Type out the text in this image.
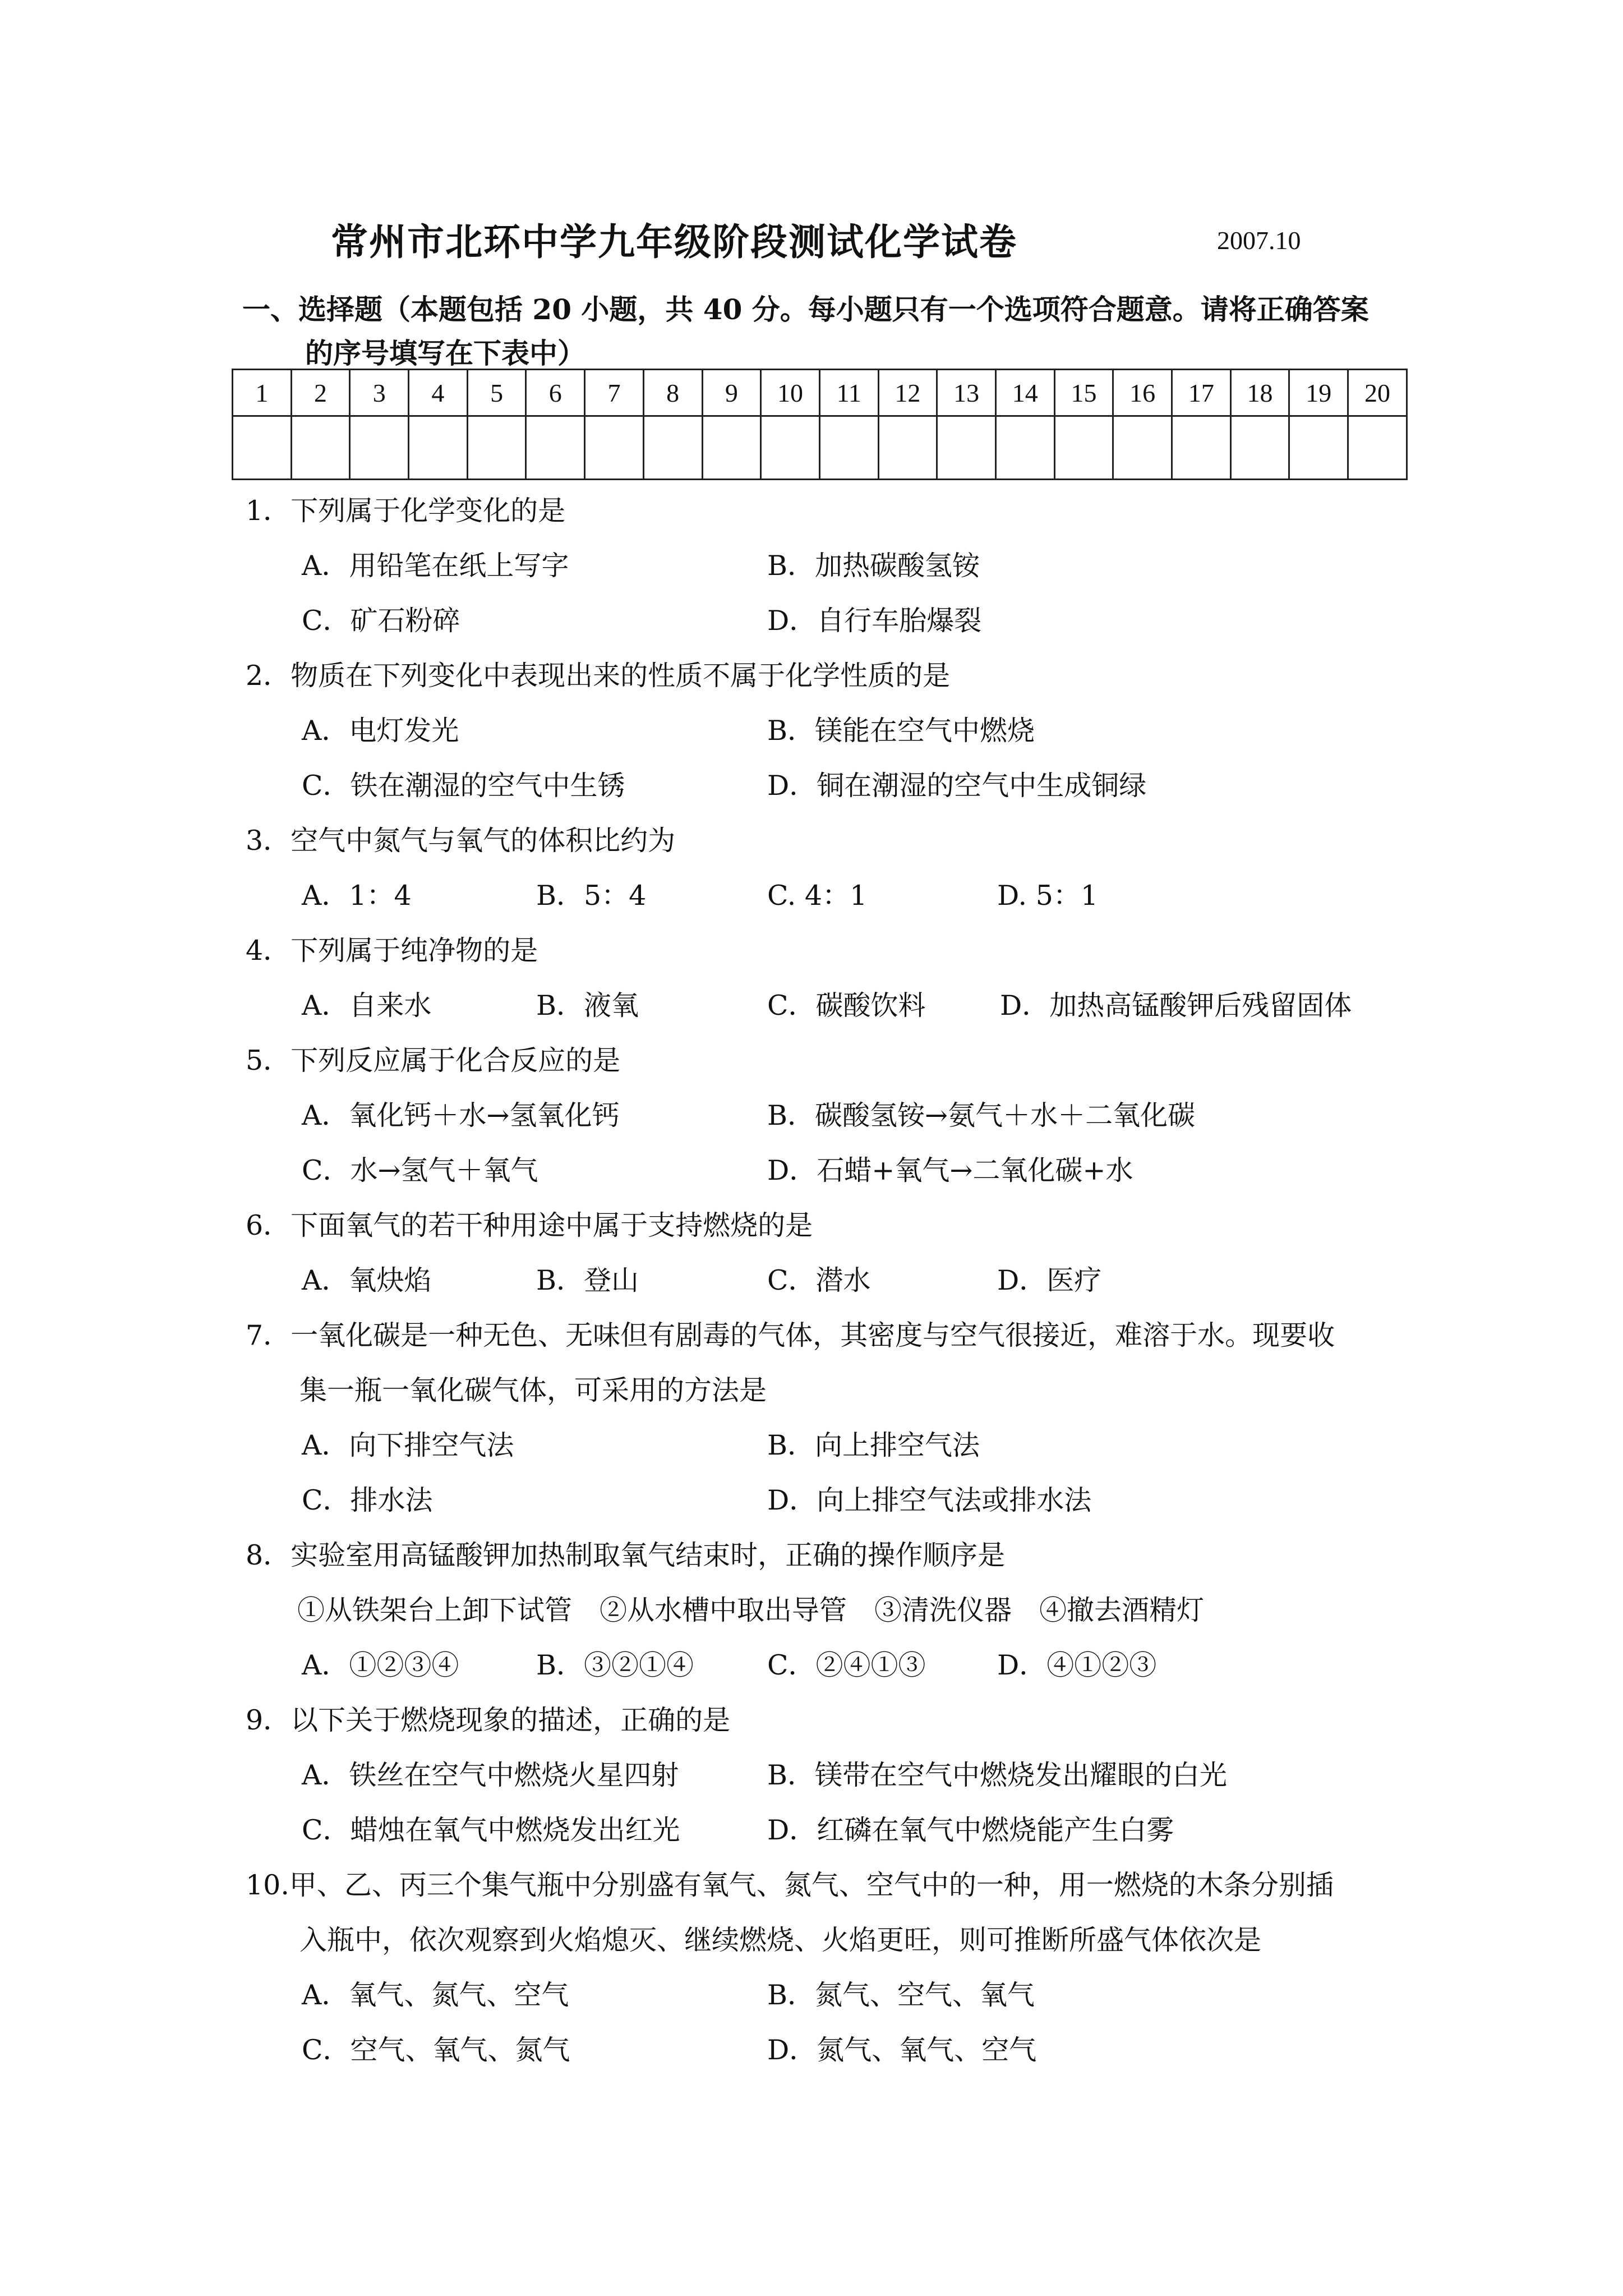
常州市北环中学九年级阶段测试化学试卷	2007.10
一、选择题（本题包括 20 小题，共 40 分。每小题只有一个选项符合题意。请将正确答案
的序号填写在下表中）
1	2	3	4	5	6	7	8	9	10	11	12	13	14	15	16	17	18	19	20

1．下列属于化学变化的是
A．用铅笔在纸上写字	B．加热碳酸氢铵
C．矿石粉碎	D．自行车胎爆裂
2．物质在下列变化中表现出来的性质不属于化学性质的是
A．电灯发光	B．镁能在空气中燃烧
C．铁在潮湿的空气中生锈	D．铜在潮湿的空气中生成铜绿
3．空气中氮气与氧气的体积比约为
A．1：4	B．5：4	C. 4：1	D. 5：1
4．下列属于纯净物的是
A．自来水	B．液氧	C．碳酸饮料	D．加热高锰酸钾后残留固体
5．下列反应属于化合反应的是
A．氧化钙＋水→氢氧化钙	B．碳酸氢铵→氨气＋水＋二氧化碳
C．水→氢气＋氧气	D．石蜡+氧气→二氧化碳+水
6．下面氧气的若干种用途中属于支持燃烧的是
A．氧炔焰	B．登山	C．潜水	D．医疗
7．一氧化碳是一种无色、无味但有剧毒的气体，其密度与空气很接近，难溶于水。现要收
集一瓶一氧化碳气体，可采用的方法是
A．向下排空气法	B．向上排空气法
C．排水法	D．向上排空气法或排水法
8．实验室用高锰酸钾加热制取氧气结束时，正确的操作顺序是
①从铁架台上卸下试管　②从水槽中取出导管　③清洗仪器　④撤去酒精灯
A．①②③④	B．③②①④	C．②④①③	D．④①②③
9．以下关于燃烧现象的描述，正确的是
A．铁丝在空气中燃烧火星四射	B．镁带在空气中燃烧发出耀眼的白光
C．蜡烛在氧气中燃烧发出红光	D．红磷在氧气中燃烧能产生白雾
10.甲、乙、丙三个集气瓶中分别盛有氧气、氮气、空气中的一种，用一燃烧的木条分别插
入瓶中，依次观察到火焰熄灭、继续燃烧、火焰更旺，则可推断所盛气体依次是
A．氧气、氮气、空气	B．氮气、空气、氧气
C．空气、氧气、氮气	D．氮气、氧气、空气
